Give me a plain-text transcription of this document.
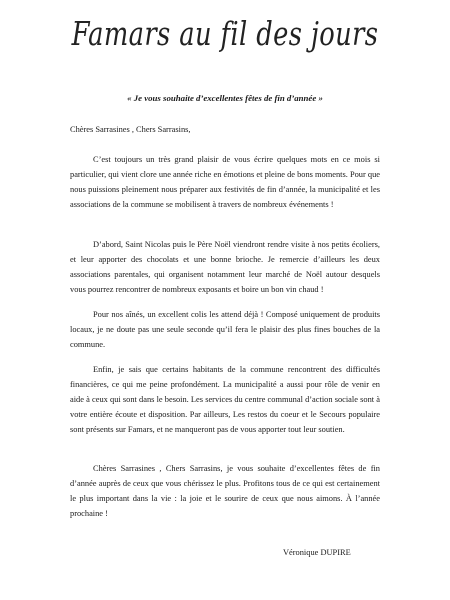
Famars au fil des jours
« Je vous souhaite d’excellentes fêtes de fin d’année »
Chères Sarrasines , Chers Sarrasins,

C’est toujours un très grand plaisir de vous écrire quelques mots en ce mois si particulier, qui vient clore une année riche en émotions et pleine de bons moments. Pour que nous puissions pleinement nous préparer aux festivités de fin d’année, la municipalité et les associations de la commune se mobilisent à travers de nombreux événements !

D’abord, Saint Nicolas puis le Père Noël viendront rendre visite à nos petits écoliers, et leur apporter des chocolats et une bonne brioche. Je remercie d’ailleurs les deux associations parentales, qui organisent notamment leur marché de Noël autour desquels vous pourrez rencontrer de nombreux exposants et boire un bon vin chaud !

Pour nos aînés, un excellent colis les attend déjà ! Composé uniquement de produits locaux, je ne doute pas une seule seconde qu’il fera le plaisir des plus fines bouches de la commune.

Enfin, je sais que certains habitants de la commune rencontrent des difficultés financières, ce qui me peine profondément. La municipalité a aussi pour rôle de venir en aide à ceux qui sont dans le besoin. Les services du centre communal d’action sociale sont à votre entière écoute et disposition. Par ailleurs, Les restos du coeur et le Secours populaire sont présents sur Famars, et ne manqueront pas de vous apporter tout leur soutien.

Chères Sarrasines , Chers Sarrasins, je vous souhaite d’excellentes fêtes de fin d’année auprès de ceux que vous chérissez le plus. Profitons tous de ce qui est certainement le plus important dans la vie : la joie et le sourire de ceux que nous aimons. À l’année prochaine !

Véronique DUPIRE
